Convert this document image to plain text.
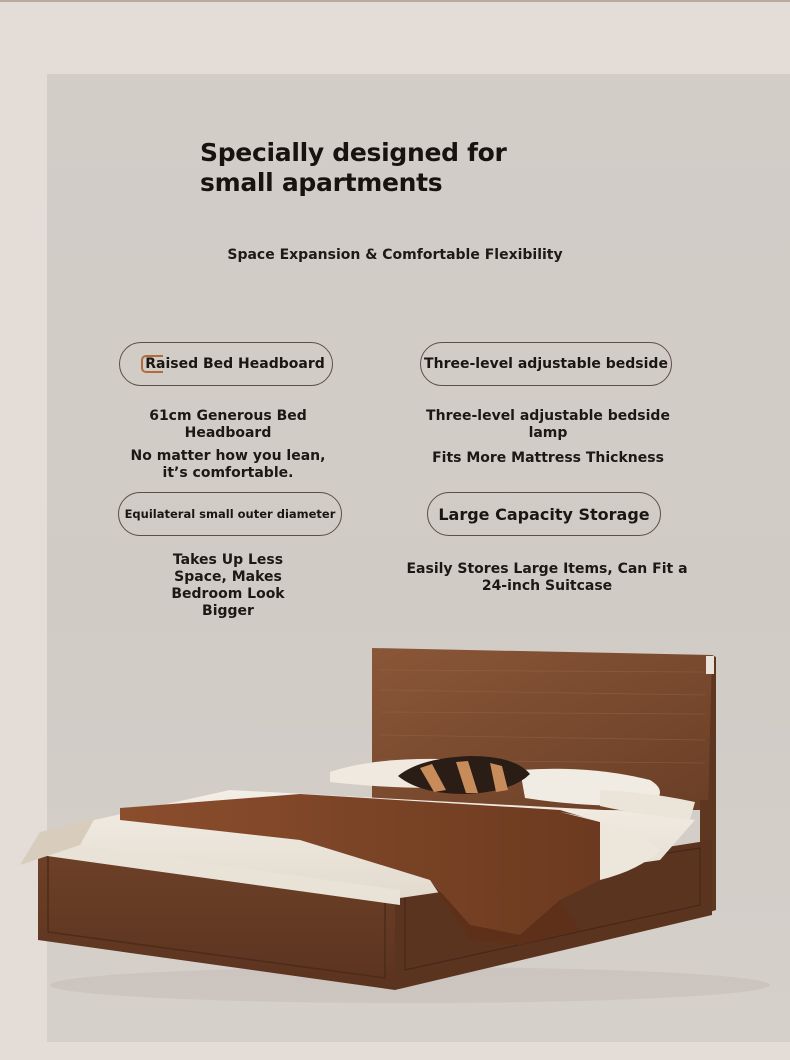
Specially designed for small apartments
Space Expansion & Comfortable Flexibility
Raised Bed Headboard
61cm Generous Bed Headboard
No matter how you lean, it’s comfortable.
Three-level adjustable bedside
Three-level adjustable bedside lamp
Fits More Mattress Thickness
Equilateral small outer diameter
Takes Up Less Space, Makes Bedroom Look Bigger
Large Capacity Storage
Easily Stores Large Items, Can Fit a 24-inch Suitcase
